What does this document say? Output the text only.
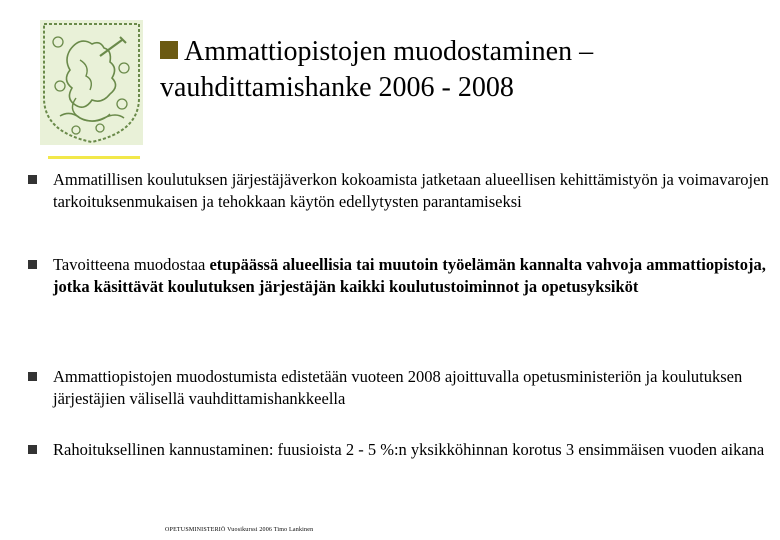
Ammattiopistojen muodostaminen –
vauhdittamishanke 2006 - 2008
Ammatillisen koulutuksen järjestäjäverkon kokoamista jatketaan alueellisen kehittämistyön ja voimavarojen tarkoituksenmukaisen ja tehokkaan käytön edellytysten parantamiseksi
Tavoitteena muodostaa etupäässä alueellisia tai muutoin työelämän kannalta vahvoja ammattiopistoja, jotka käsittävät koulutuksen järjestäjän kaikki koulutustoiminnot ja opetusyksiköt
Ammattiopistojen muodostumista edistetään vuoteen 2008 ajoittuvalla opetusministeriön ja koulutuksen järjestäjien välisellä vauhdittamishankkeella
Rahoituksellinen kannustaminen: fuusioista 2 - 5 %:n yksikköhinnan korotus 3 ensimmäisen vuoden aikana
OPETUSMINISTERIÖ Vuosikurssi 2006 Timo Lankinen
